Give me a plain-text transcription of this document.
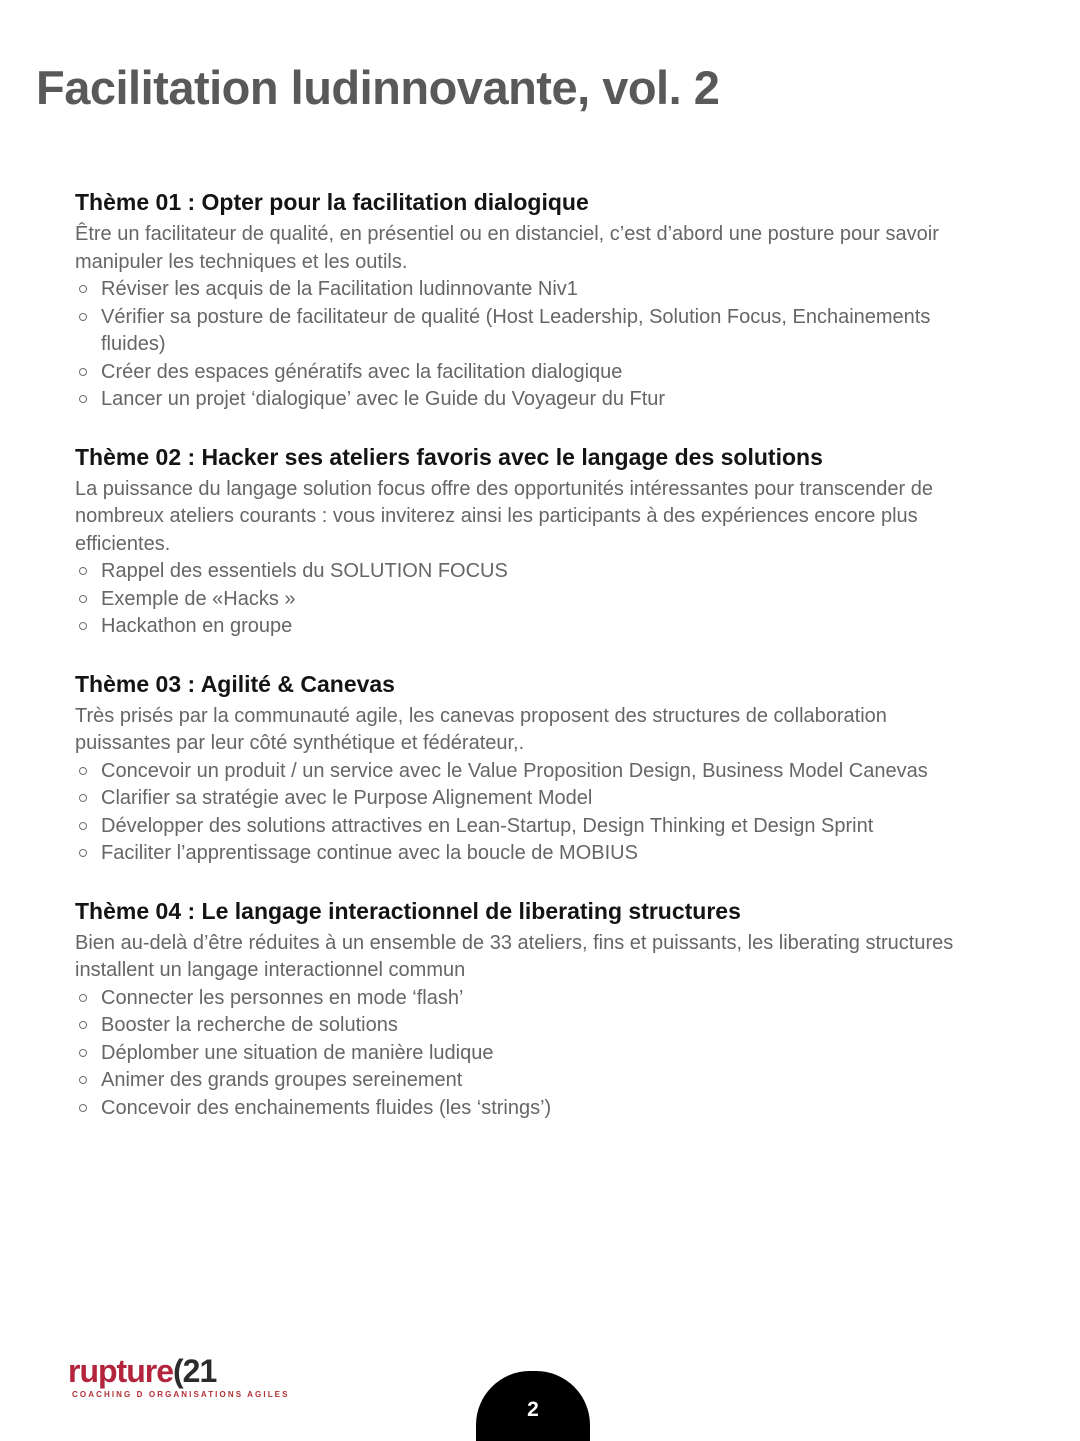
Facilitation ludinnovante, vol. 2
Thème 01 : Opter pour la facilitation dialogique

Être un facilitateur de qualité, en présentiel ou en distanciel, c’est d’abord une posture pour savoir manipuler les techniques et les outils.

Réviser les acquis de la Facilitation ludinnovante Niv1
Vérifier sa posture de facilitateur de qualité (Host Leadership, Solution Focus, Enchainements fluides)
Créer des espaces génératifs avec la facilitation dialogique
Lancer un projet ‘dialogique’ avec le Guide du Voyageur du Ftur
Thème 02 : Hacker ses ateliers favoris avec le langage des solutions

La puissance du langage solution focus offre des opportunités intéressantes pour transcender de nombreux ateliers courants : vous inviterez ainsi les participants à des expériences encore plus efficientes.

Rappel des essentiels du SOLUTION FOCUS
Exemple de «Hacks »
Hackathon en groupe
Thème 03 : Agilité & Canevas

Très prisés par la communauté agile, les canevas proposent des structures de collaboration puissantes par leur côté synthétique et fédérateur,.

Concevoir un produit / un service avec le Value Proposition Design, Business Model Canevas
Clarifier sa stratégie avec le Purpose Alignement Model
Développer des solutions attractives en Lean-Startup, Design Thinking et Design Sprint
Faciliter l’apprentissage continue avec la boucle de MOBIUS
Thème 04 : Le langage interactionnel de liberating structures

Bien au-delà d’être réduites à un ensemble de 33 ateliers, fins et puissants, les liberating structures installent un langage interactionnel commun

Connecter les personnes en mode ‘flash’
Booster la recherche de solutions
Déplomber une situation de manière ludique
Animer des grands groupes sereinement
Concevoir des enchainements fluides (les ‘strings’)
rupture(21
COACHING D ORGANISATIONS AGILES
2
